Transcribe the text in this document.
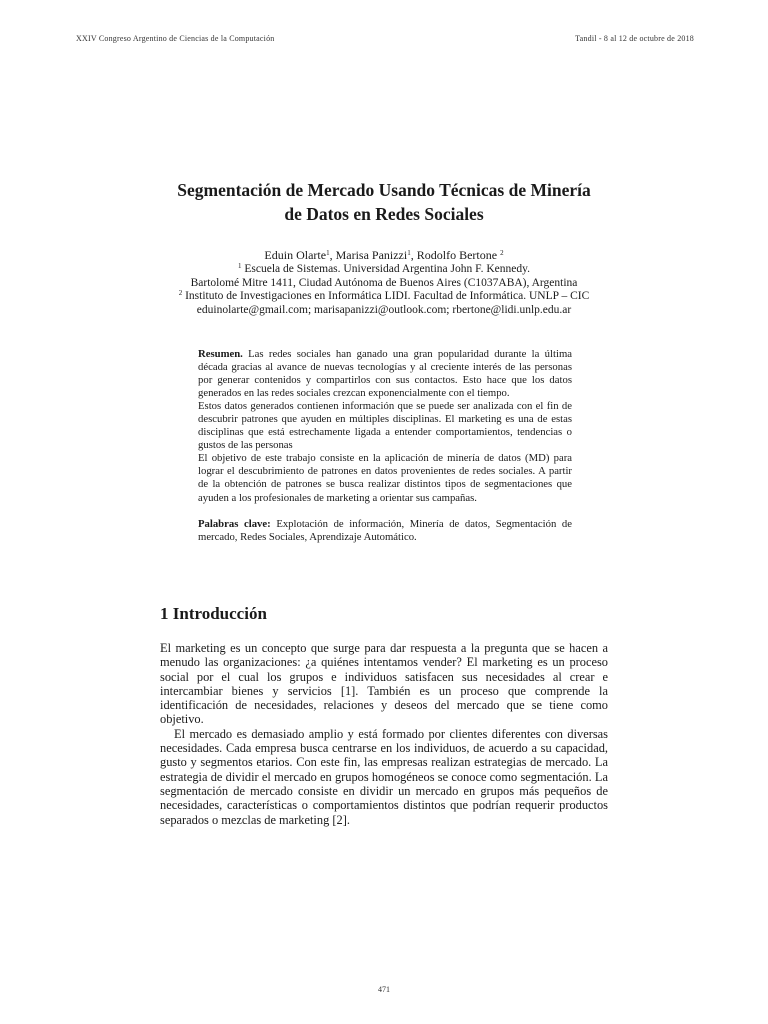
XXIV Congreso Argentino de Ciencias de la Computación	Tandil - 8 al 12 de octubre de 2018
Segmentación de Mercado Usando Técnicas de Minería
de Datos en Redes Sociales
Eduin Olarte$^1$, Marisa Panizzi$^1$, Rodolfo Bertone $^2$
$^1$ Escuela de Sistemas. Universidad Argentina John F. Kennedy.
Bartolomé Mitre 1411, Ciudad Autónoma de Buenos Aires (C1037ABA), Argentina
$^2$ Instituto de Investigaciones en Informática LIDI. Facultad de Informática. UNLP – CIC
eduinolarte@gmail.com; marisapanizzi@outlook.com; rbertone@lidi.unlp.edu.ar

Resumen. Las redes sociales han ganado una gran popularidad durante la última década gracias al avance de nuevas tecnologías y al creciente interés de las personas por generar contenidos y compartirlos con sus contactos. Esto hace que los datos generados en las redes sociales crezcan exponencialmente con el tiempo.

Estos datos generados contienen información que se puede ser analizada con el fin de descubrir patrones que ayuden en múltiples disciplinas. El marketing es una de estas disciplinas que está estrechamente ligada a entender comportamientos, tendencias o gustos de las personas

El objetivo de este trabajo consiste en la aplicación de minería de datos (MD) para lograr el descubrimiento de patrones en datos provenientes de redes sociales. A partir de la obtención de patrones se busca realizar distintos tipos de segmentaciones que ayuden a los profesionales de marketing a orientar sus campañas.

Palabras clave: Explotación de información, Minería de datos, Segmentación de mercado, Redes Sociales, Aprendizaje Automático.

1 Introducción

El marketing es un concepto que surge para dar respuesta a la pregunta que se hacen a menudo las organizaciones: ¿a quiénes intentamos vender? El marketing es un proceso social por el cual los grupos e individuos satisfacen sus necesidades al crear e intercambiar bienes y servicios [1]. También es un proceso que comprende la identificación de necesidades, relaciones y deseos del mercado que se tiene como objetivo.

El mercado es demasiado amplio y está formado por clientes diferentes con diversas necesidades. Cada empresa busca centrarse en los individuos, de acuerdo a su capacidad, gusto y segmentos etarios. Con este fin, las empresas realizan estrategias de mercado. La estrategia de dividir el mercado en grupos homogéneos se conoce como segmentación. La segmentación de mercado consiste en dividir un mercado en grupos más pequeños de necesidades, características o comportamientos distintos que podrían requerir productos separados o mezclas de marketing [2].

471
